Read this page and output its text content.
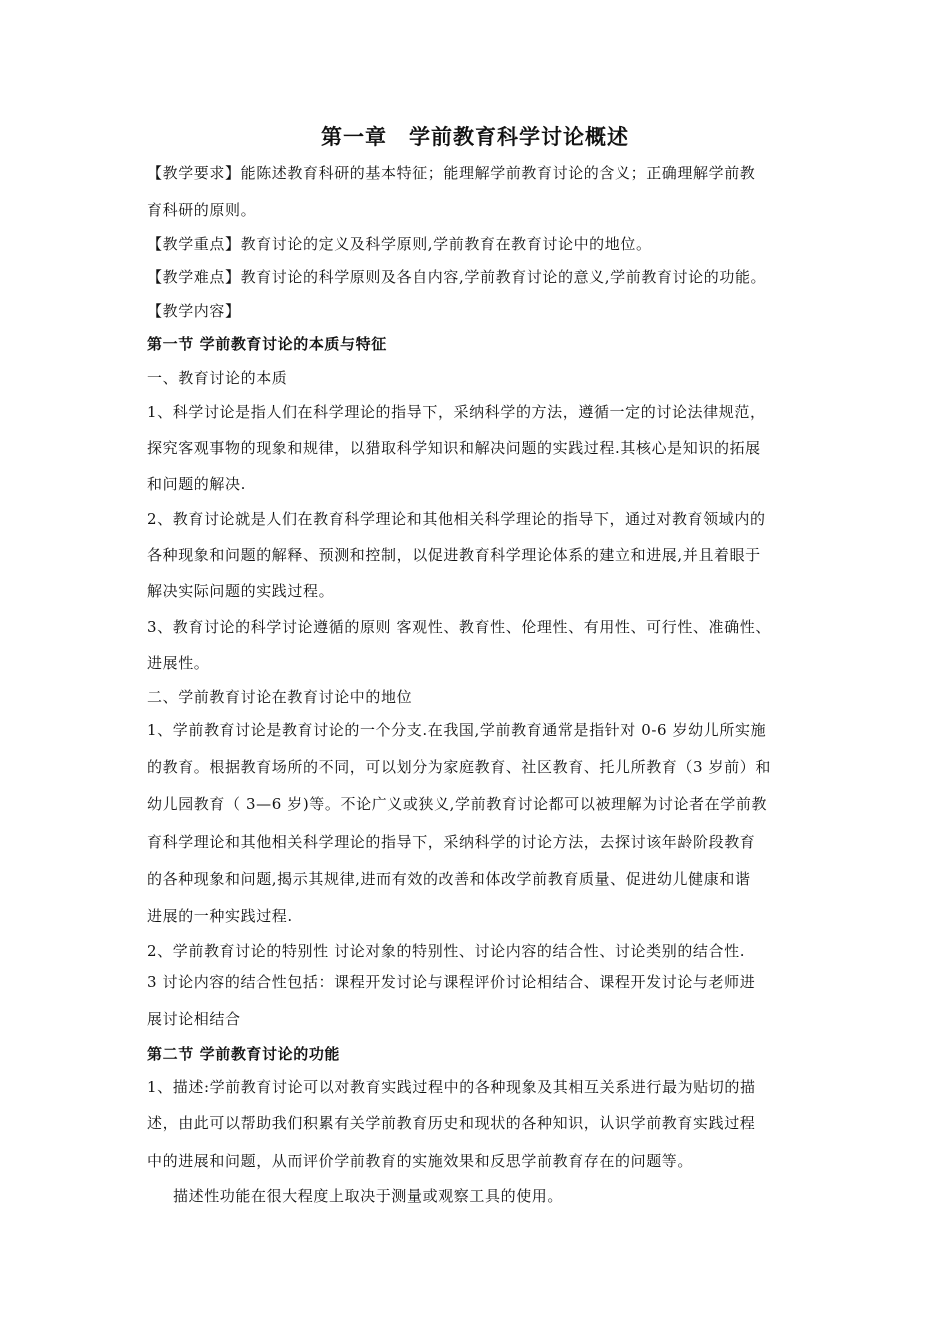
第一章　学前教育科学讨论概述
【教学要求】能陈述教育科研的基本特征；能理解学前教育讨论的含义；正确理解学前教
育科研的原则。
【教学重点】教育讨论的定义及科学原则,学前教育在教育讨论中的地位。
【教学难点】教育讨论的科学原则及各自内容,学前教育讨论的意义,学前教育讨论的功能。
【教学内容】
第一节 学前教育讨论的本质与特征
一、教育讨论的本质
1、科学讨论是指人们在科学理论的指导下，采纳科学的方法，遵循一定的讨论法律规范，
探究客观事物的现象和规律，以猎取科学知识和解决问题的实践过程.其核心是知识的拓展
和问题的解决.
2、教育讨论就是人们在教育科学理论和其他相关科学理论的指导下，通过对教育领域内的
各种现象和问题的解释、预测和控制，以促进教育科学理论体系的建立和进展,并且着眼于
解决实际问题的实践过程。
3、教育讨论的科学讨论遵循的原则 客观性、教育性、伦理性、有用性、可行性、准确性、
进展性。
二、学前教育讨论在教育讨论中的地位
1、学前教育讨论是教育讨论的一个分支.在我国,学前教育通常是指针对 0-6 岁幼儿所实施
的教育。根据教育场所的不同，可以划分为家庭教育、社区教育、托儿所教育（3 岁前）和
幼儿园教育（ 3—6 岁)等。不论广义或狭义,学前教育讨论都可以被理解为讨论者在学前教
育科学理论和其他相关科学理论的指导下，采纳科学的讨论方法，去探讨该年龄阶段教育
的各种现象和问题,揭示其规律,进而有效的改善和体改学前教育质量、促进幼儿健康和谐
进展的一种实践过程.
2、学前教育讨论的特别性 讨论对象的特别性、讨论内容的结合性、讨论类别的结合性.
3 讨论内容的结合性包括：课程开发讨论与课程评价讨论相结合、课程开发讨论与老师进
展讨论相结合
第二节 学前教育讨论的功能
1、描述:学前教育讨论可以对教育实践过程中的各种现象及其相互关系进行最为贴切的描
述，由此可以帮助我们积累有关学前教育历史和现状的各种知识，认识学前教育实践过程
中的进展和问题，从而评价学前教育的实施效果和反思学前教育存在的问题等。
描述性功能在很大程度上取决于测量或观察工具的使用。
